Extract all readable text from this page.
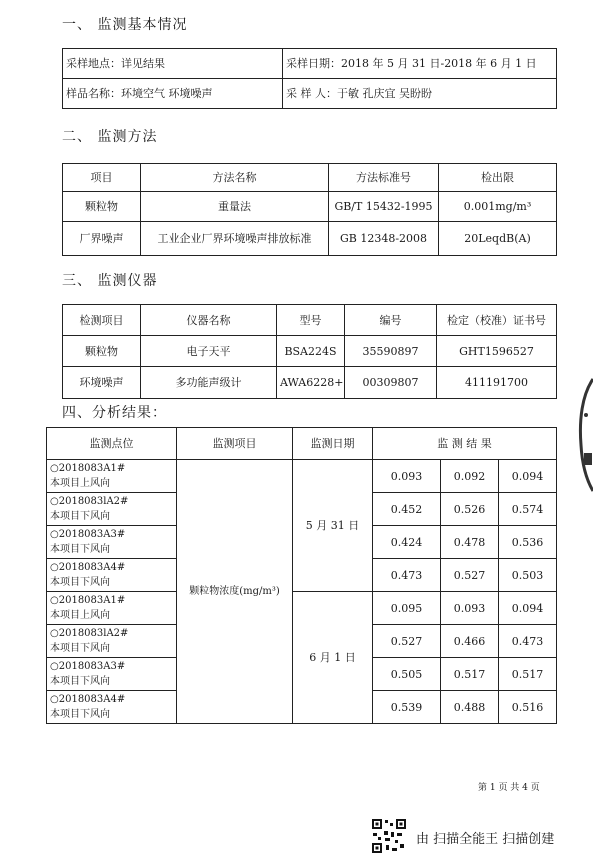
一、 监测基本情况
采样地点：详见结果	采样日期：2018 年 5 月 31 日-2018 年 6 月 1 日
样品名称：环境空气 环境噪声	采 样 人：于敏 孔庆宜 吴盼盼
二、 监测方法
项目	方法名称	方法标准号	检出限
颗粒物	重量法	GB/T 15432-1995	0.001mg/m³
厂界噪声	工业企业厂界环境噪声排放标准	GB 12348-2008	20LeqdB(A)
三、 监测仪器
检测项目	仪器名称	型号	编号	检定（校准）证书号
颗粒物	电子天平	BSA224S	35590897	GHT1596527
环境噪声	多功能声级计	AWA6228+	00309807	411191700
四、分析结果：
监测点位	监测项目	监测日期	监 测 结 果		

○2018083A1#
本项目上风向	颗粒物浓度(mg/m³)	5 月 31 日	0.093	0.092	0.094

○2018083lA2#
本项目下风向			0.452	0.526	0.574

○2018083A3#
本项目下风向			0.424	0.478	0.536

○2018083A4#
本项目下风向			0.473	0.527	0.503

○2018083A1#
本项目上风向		6 月 1 日	0.095	0.093	0.094

○2018083lA2#
本项目下风向			0.527	0.466	0.473

○2018083A3#
本项目下风向			0.505	0.517	0.517

○2018083A4#
本项目下风向			0.539	0.488	0.516
第 1 页 共 4 页
由 扫描全能王 扫描创建
